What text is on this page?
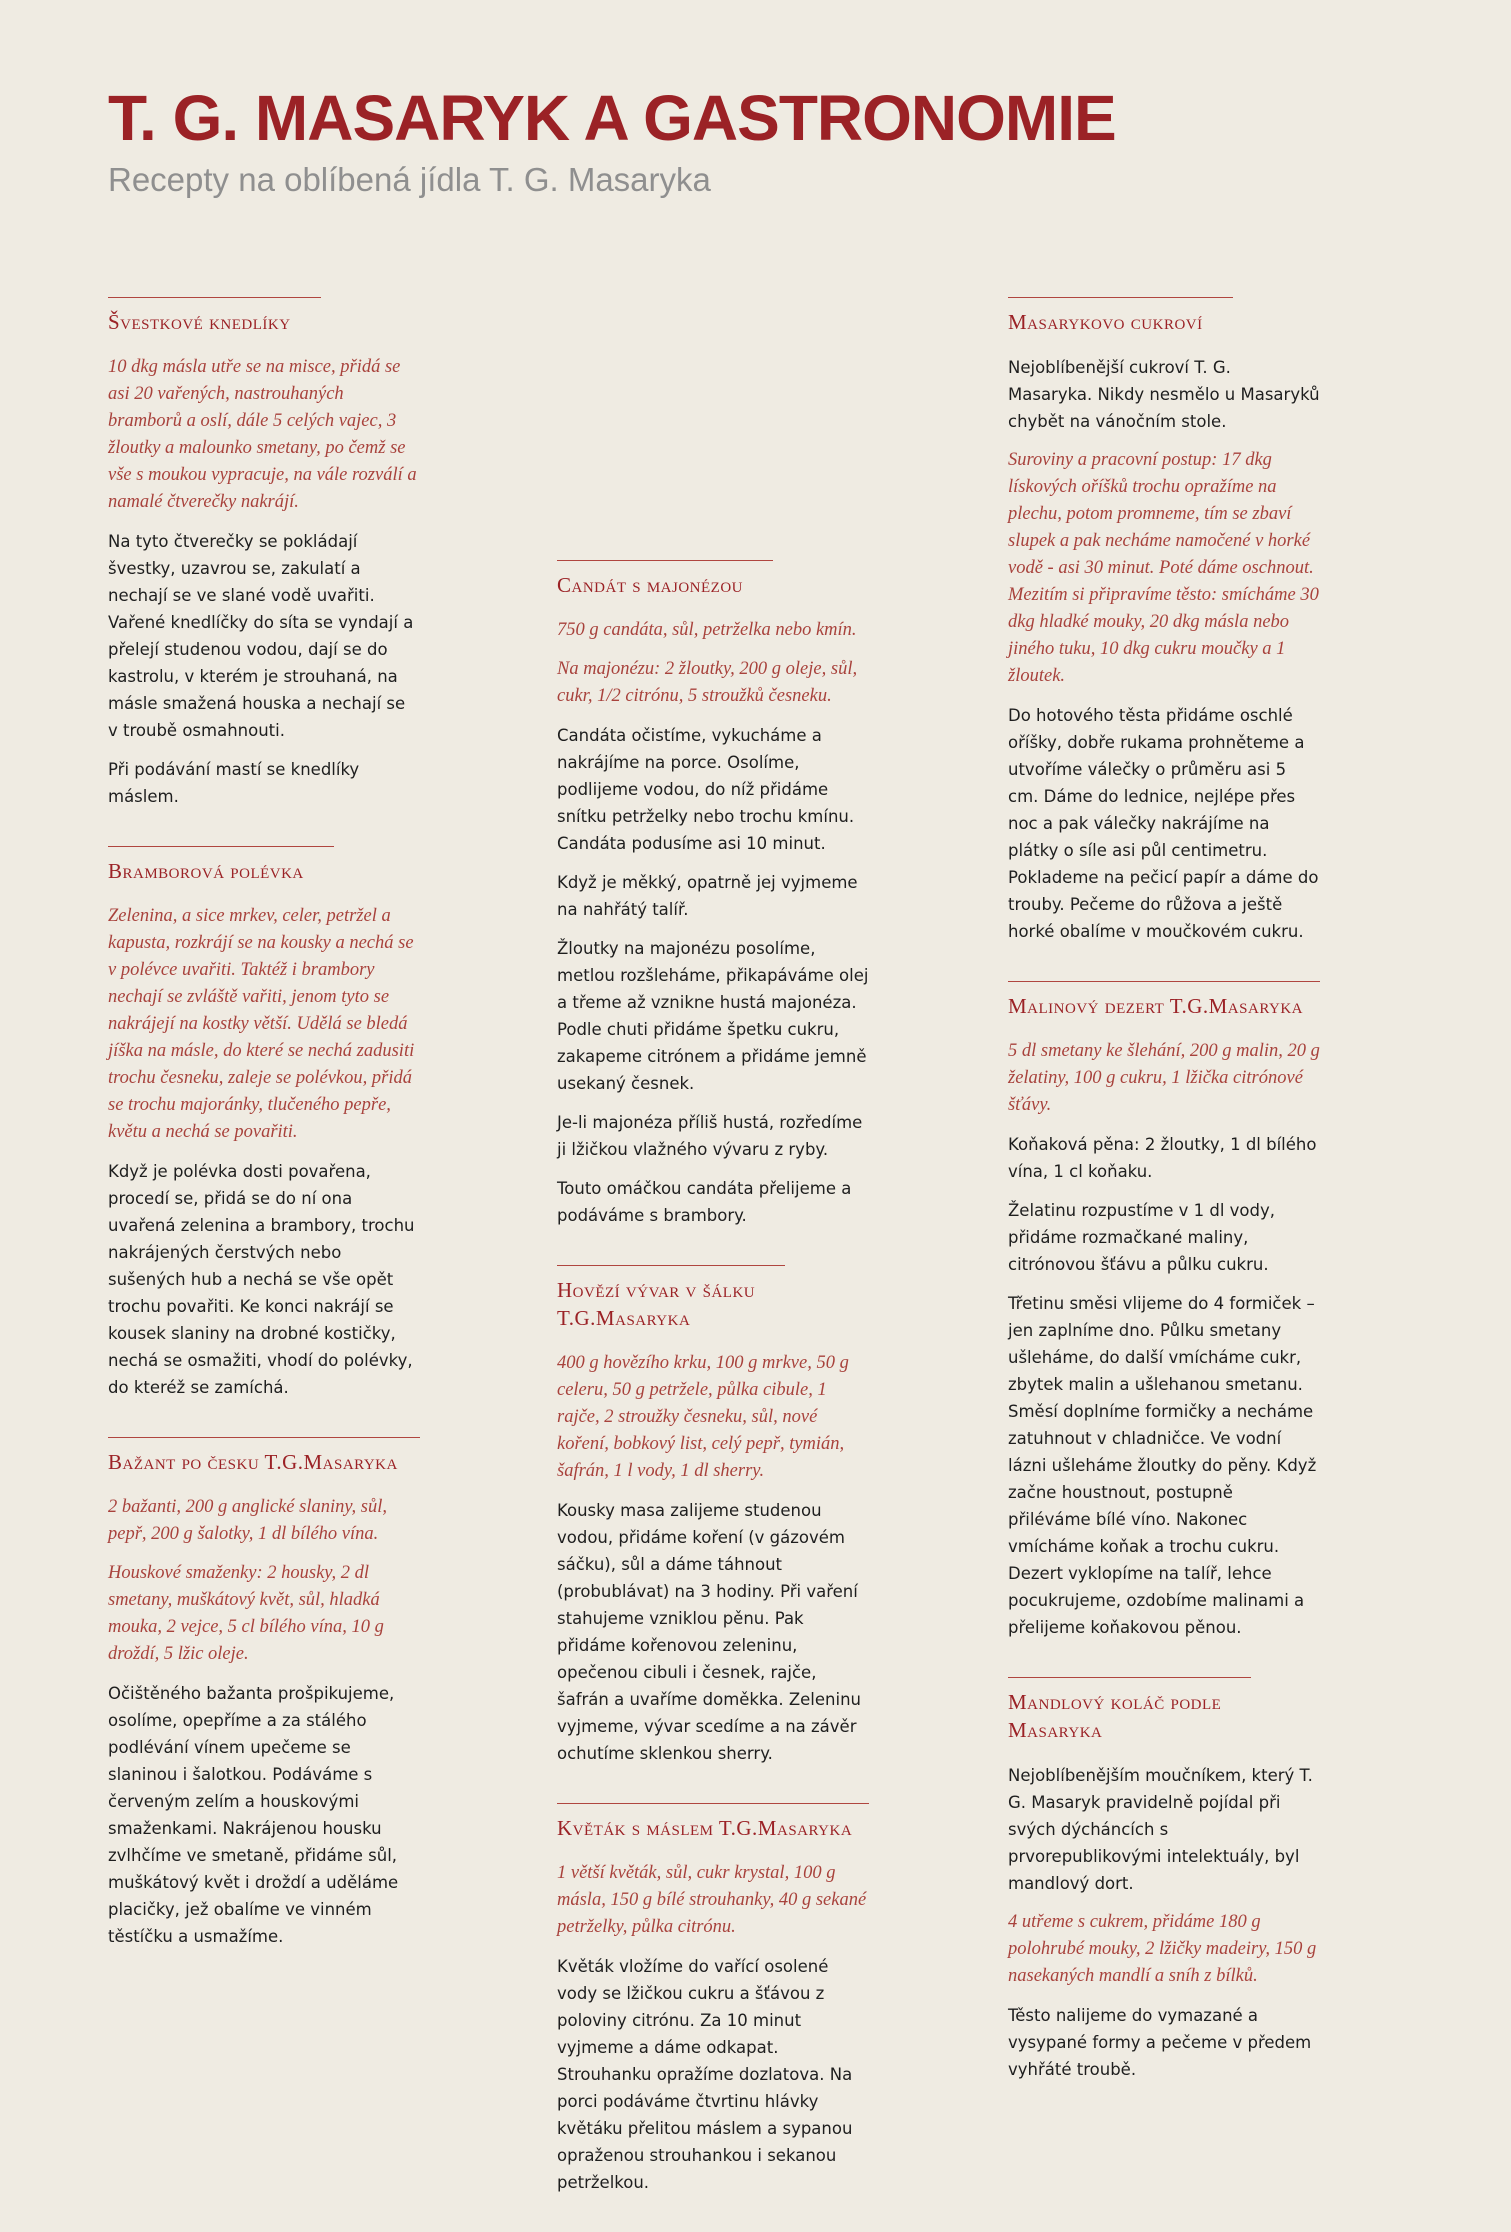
T. G. MASARYK A GASTRONOMIE
Recepty na oblíbená jídla T. G. Masaryka
Švestkové knedlíky

10 dkg másla utře se na misce, přidá se asi 20 vařených, nastrouhaných bramborů a oslí, dále 5 celých vajec, 3 žloutky a malounko smetany, po čemž se vše s moukou vypracuje, na vále rozválí a namalé čtverečky nakrájí.

Na tyto čtverečky se pokládají švestky, uzavrou se, zakulatí a nechají se ve slané vodě uvařiti. Vařené knedlíčky do síta se vyndají a přelejí studenou vodou, dají se do kastrolu, v kterém je strouhaná, na másle smažená houska a nechají se v troubě osmahnouti.

Při podávání mastí se knedlíky máslem.

Bramborová polévka

Zelenina, a sice mrkev, celer, petržel a kapusta, rozkrájí se na kousky a nechá se v polévce uvařiti. Taktéž i brambory nechají se zvláště vařiti, jenom tyto se nakrájejí na kostky větší. Udělá se bledá jíška na másle, do které se nechá zadusiti trochu česneku, zaleje se polévkou, přidá se trochu majoránky, tlučeného pepře, květu a nechá se povařiti.

Když je polévka dosti povařena, procedí se, přidá se do ní ona uvařená zelenina a brambory, trochu nakrájených čerstvých nebo sušených hub a nechá se vše opět trochu povařiti. Ke konci nakrájí se kousek slaniny na drobné kostičky, nechá se osmažiti, vhodí do polévky, do kteréž se zamíchá.

Bažant po česku T.G.Masaryka

2 bažanti, 200 g anglické slaniny, sůl, pepř, 200 g šalotky, 1 dl bílého vína.

Houskové smaženky: 2 housky, 2 dl smetany, muškátový květ, sůl, hladká mouka, 2 vejce, 5 cl bílého vína, 10 g droždí, 5 lžic oleje.

Očištěného bažanta prošpikujeme, osolíme, opepříme a za stálého podlévání vínem upečeme se slaninou i šalotkou. Podáváme s červeným zelím a houskovými smaženkami. Nakrájenou housku zvlhčíme ve smetaně, přidáme sůl, muškátový květ i droždí a uděláme placičky, jež obalíme ve vinném těstíčku a usmažíme.

Candát s majonézou

750 g candáta, sůl, petrželka nebo kmín.

Na majonézu: 2 žloutky, 200 g oleje, sůl, cukr, 1/2 citrónu, 5 stroužků česneku.

Candáta očistíme, vykucháme a nakrájíme na porce. Osolíme, podlijeme vodou, do níž přidáme snítku petrželky nebo trochu kmínu. Candáta podusíme asi 10 minut.

Když je měkký, opatrně jej vyjmeme na nahřátý talíř.

Žloutky na majonézu posolíme, metlou rozšleháme, přikapáváme olej a třeme až vznikne hustá majonéza. Podle chuti přidáme špetku cukru, zakapeme citrónem a přidáme jemně usekaný česnek.

Je-li majonéza příliš hustá, rozředíme ji lžičkou vlažného vývaru z ryby.

Touto omáčkou candáta přelijeme a podáváme s brambory.

Hovězí vývar v šálku T.G.Masaryka

400 g hovězího krku, 100 g mrkve, 50 g celeru, 50 g petržele, půlka cibule, 1 rajče, 2 stroužky česneku, sůl, nové koření, bobkový list, celý pepř, tymián, šafrán, 1 l vody, 1 dl sherry.

Kousky masa zalijeme studenou vodou, přidáme koření (v gázovém sáčku), sůl a dáme táhnout (probublávat) na 3 hodiny. Při vaření stahujeme vzniklou pěnu. Pak přidáme kořenovou zeleninu, opečenou cibuli i česnek, rajče, šafrán a uvaříme doměkka. Zeleninu vyjmeme, vývar scedíme a na závěr ochutíme sklenkou sherry.

Květák s máslem T.G.Masaryka

1 větší květák, sůl, cukr krystal, 100 g másla, 150 g bílé strouhanky, 40 g sekané petrželky, půlka citrónu.

Květák vložíme do vařící osolené vody se lžičkou cukru a šťávou z poloviny citrónu. Za 10 minut vyjmeme a dáme odkapat. Strouhanku opražíme dozlatova. Na porci podáváme čtvrtinu hlávky květáku přelitou máslem a sypanou opraženou strouhankou i sekanou petrželkou.

Masarykovo cukroví

Nejoblíbenější cukroví T. G. Masaryka. Nikdy nesmělo u Masaryků chybět na vánočním stole.

Suroviny a pracovní postup: 17 dkg lískových oříšků trochu opražíme na plechu, potom promneme, tím se zbaví slupek a pak necháme namočené v horké vodě - asi 30 minut. Poté dáme oschnout. Mezitím si připravíme těsto: smícháme 30 dkg hladké mouky, 20 dkg másla nebo jiného tuku, 10 dkg cukru moučky a 1 žloutek.

Do hotového těsta přidáme oschlé oříšky, dobře rukama prohněteme a utvoříme válečky o průměru asi 5 cm. Dáme do lednice, nejlépe přes noc a pak válečky nakrájíme na plátky o síle asi půl centimetru. Poklademe na pečicí papír a dáme do trouby. Pečeme do růžova a ještě horké obalíme v moučkovém cukru.

Malinový dezert T.G.Masaryka

5 dl smetany ke šlehání, 200 g malin, 20 g želatiny, 100 g cukru, 1 lžička citrónové šťávy.

Koňaková pěna: 2 žloutky, 1 dl bílého vína, 1 cl koňaku.

Želatinu rozpustíme v 1 dl vody, přidáme rozmačkané maliny, citrónovou šťávu a půlku cukru.

Třetinu směsi vlijeme do 4 formiček – jen zaplníme dno. Půlku smetany ušleháme, do další vmícháme cukr, zbytek malin a ušlehanou smetanu. Směsí doplníme formičky a necháme zatuhnout v chladničce. Ve vodní lázni ušleháme žloutky do pěny. Když začne houstnout, postupně přiléváme bílé víno. Nakonec vmícháme koňak a trochu cukru. Dezert vyklopíme na talíř, lehce pocukrujeme, ozdobíme malinami a přelijeme koňakovou pěnou.

Mandlový koláč podle Masaryka

Nejoblíbenějším moučníkem, který T. G. Masaryk pravidelně pojídal při svých dýcháncích s prvorepublikovými intelektuály, byl mandlový dort.

4 utřeme s cukrem, přidáme 180 g polohrubé mouky, 2 lžičky madeiry, 150 g nasekaných mandlí a sníh z bílků.

Těsto nalijeme do vymazané a vysypané formy a pečeme v předem vyhřáté troubě.
